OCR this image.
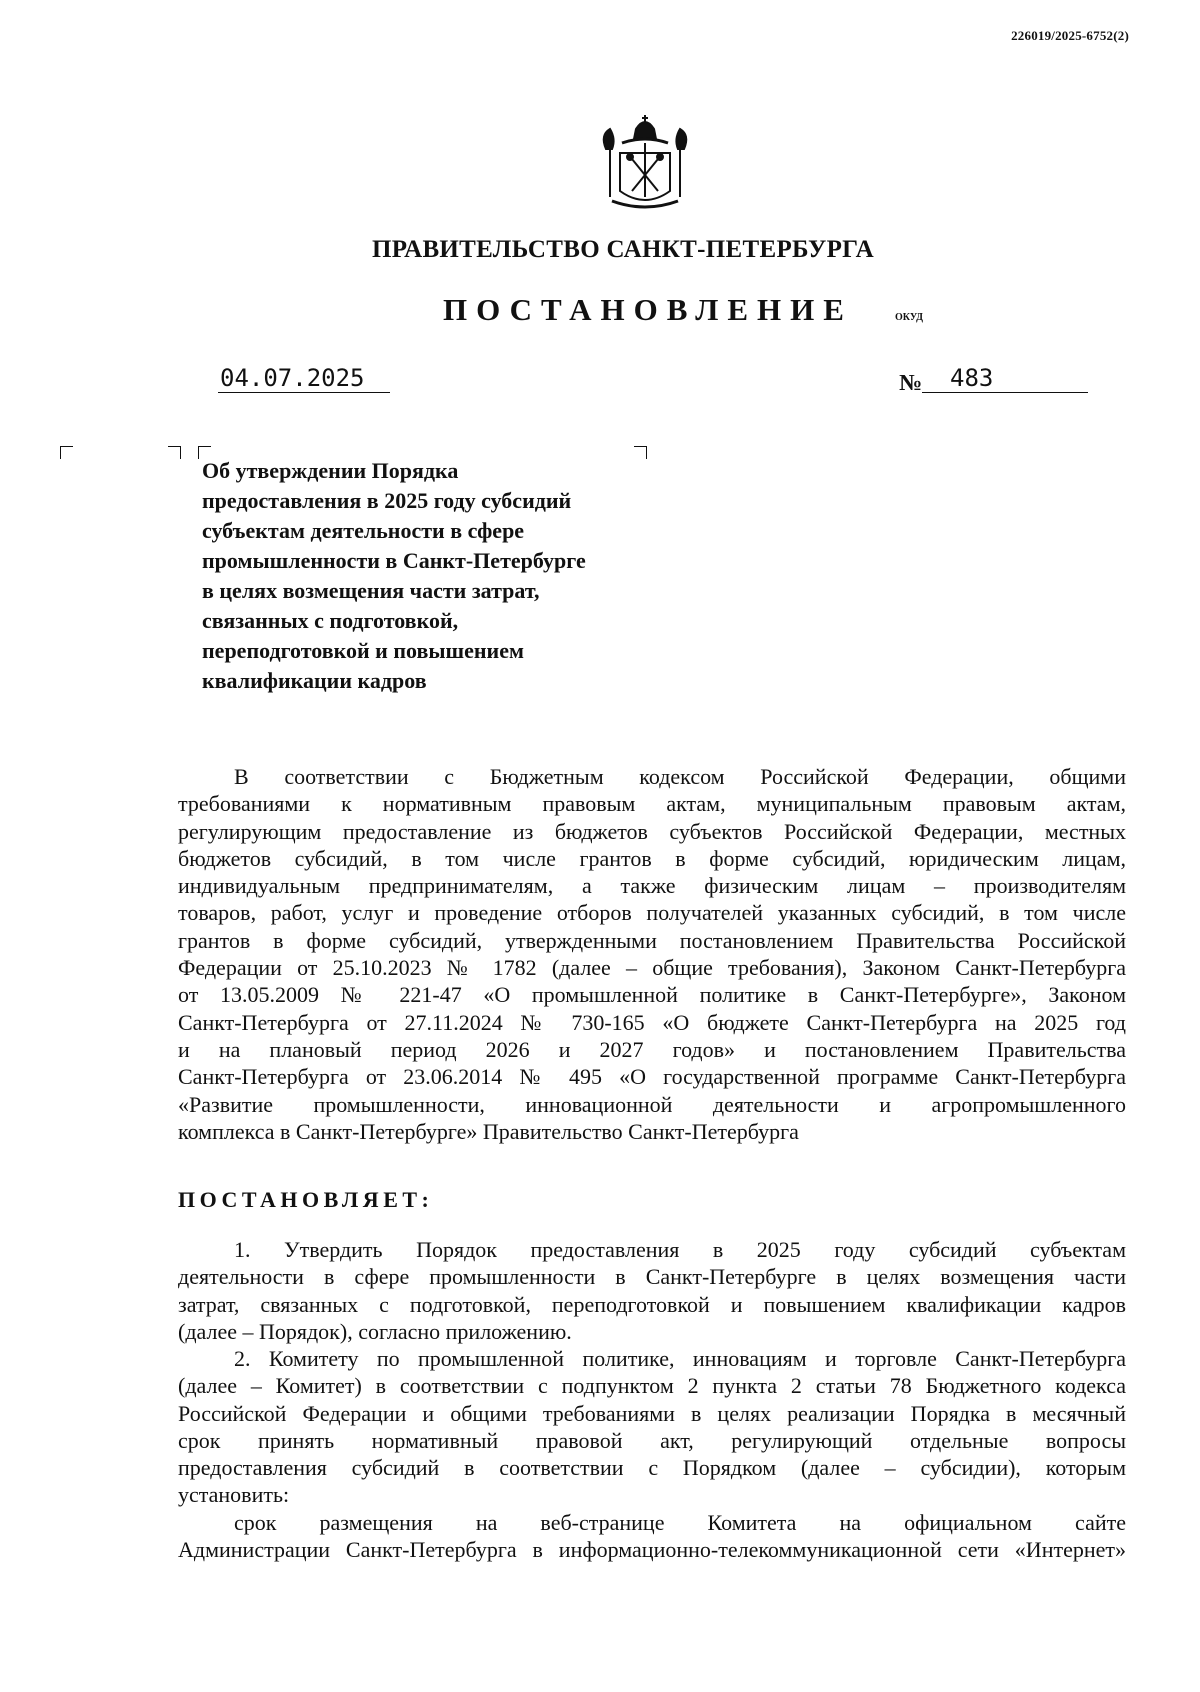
226019/2025-6752(2)
ПРАВИТЕЛЬСТВО САНКТ-ПЕТЕРБУРГА
ПОСТАНОВЛЕНИЕ	ОКУД
04.07.2025	№	483
Об утверждении Порядка
предоставления в 2025 году субсидий
субъектам деятельности в сфере
промышленности в Санкт-Петербурге
в целях возмещения части затрат,
связанных с подготовкой,
переподготовкой и повышением
квалификации кадров
В соответствии с Бюджетным кодексом Российской Федерации, общими
требованиями к нормативным правовым актам, муниципальным правовым актам,
регулирующим предоставление из бюджетов субъектов Российской Федерации, местных
бюджетов субсидий, в том числе грантов в форме субсидий, юридическим лицам,
индивидуальным предпринимателям, а также физическим лицам – производителям
товаров, работ, услуг и проведение отборов получателей указанных субсидий, в том числе
грантов в форме субсидий, утвержденными постановлением Правительства Российской
Федерации от 25.10.2023 № 1782 (далее – общие требования), Законом Санкт-Петербурга
от 13.05.2009 № 221-47 «О промышленной политике в Санкт-Петербурге», Законом
Санкт-Петербурга от 27.11.2024 № 730-165 «О бюджете Санкт-Петербурга на 2025 год
и на плановый период 2026 и 2027 годов» и постановлением Правительства
Санкт-Петербурга от 23.06.2014 № 495 «О государственной программе Санкт-Петербурга
«Развитие промышленности, инновационной деятельности и агропромышленного
комплекса в Санкт-Петербурге» Правительство Санкт-Петербурга
ПОСТАНОВЛЯЕТ:
1. Утвердить Порядок предоставления в 2025 году субсидий субъектам
деятельности в сфере промышленности в Санкт-Петербурге в целях возмещения части
затрат, связанных с подготовкой, переподготовкой и повышением квалификации кадров
(далее – Порядок), согласно приложению.
2. Комитету по промышленной политике, инновациям и торговле Санкт-Петербурга
(далее – Комитет) в соответствии с подпунктом 2 пункта 2 статьи 78 Бюджетного кодекса
Российской Федерации и общими требованиями в целях реализации Порядка в месячный
срок принять нормативный правовой акт, регулирующий отдельные вопросы
предоставления субсидий в соответствии с Порядком (далее – субсидии), которым
установить:
срок размещения на веб-странице Комитета на официальном сайте
Администрации Санкт-Петербурга в информационно-телекоммуникационной сети «Интернет»
